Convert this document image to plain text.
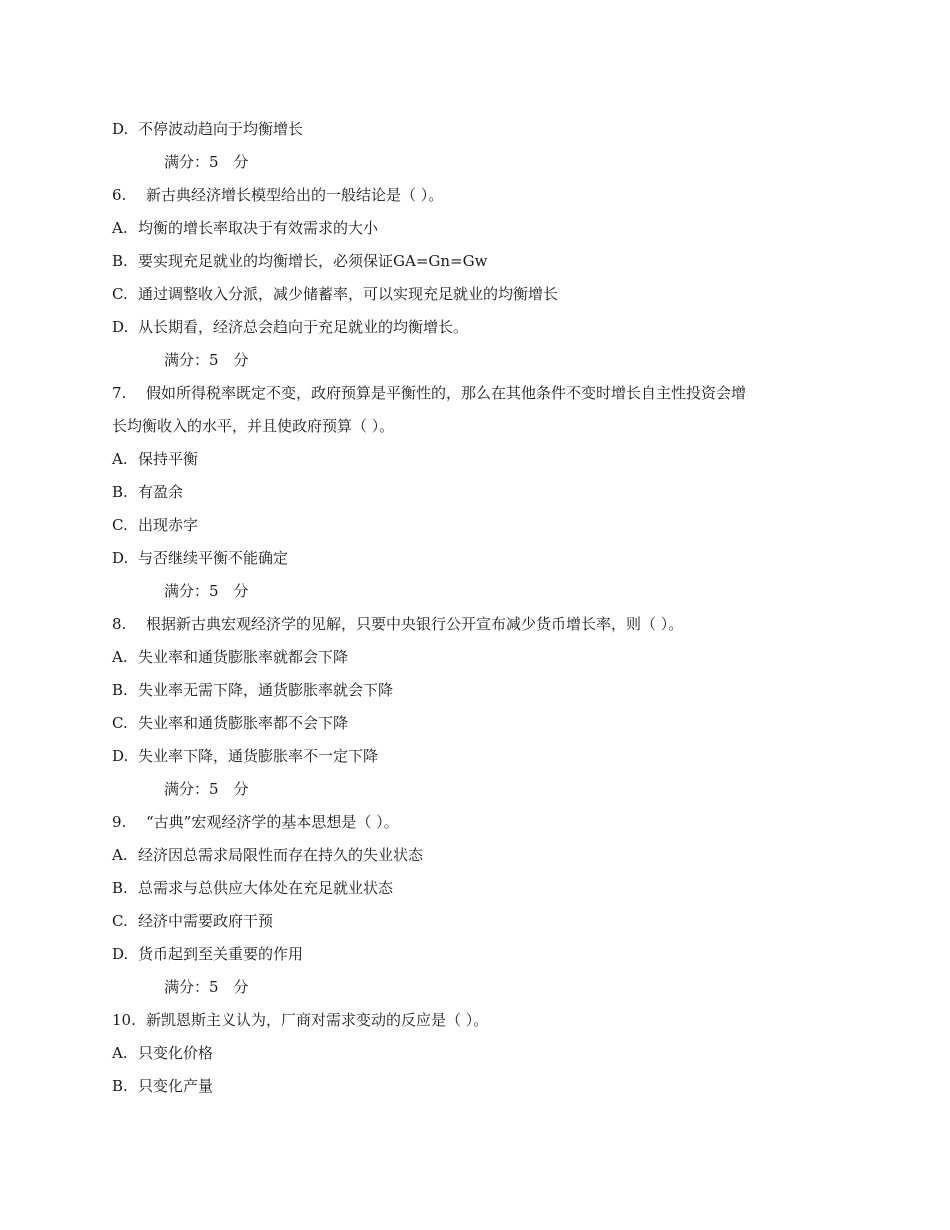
D. 不停波动趋向于均衡增长
满分：5　分
6. 新古典经济增长模型给出的一般结论是（ ）。
A. 均衡的增长率取决于有效需求的大小
B. 要实现充足就业的均衡增长，必须保证GA=Gn=Gw
C. 通过调整收入分派，减少储蓄率，可以实现充足就业的均衡增长
D. 从长期看，经济总会趋向于充足就业的均衡增长。
满分：5　分
7. 假如所得税率既定不变，政府预算是平衡性的，那么在其他条件不变时增长自主性投资会增
长均衡收入的水平，并且使政府预算（ ）。
A. 保持平衡
B. 有盈余
C. 出现赤字
D. 与否继续平衡不能确定
满分：5　分
8. 根据新古典宏观经济学的见解，只要中央银行公开宣布减少货币增长率，则（ ）。
A. 失业率和通货膨胀率就都会下降
B. 失业率无需下降，通货膨胀率就会下降
C. 失业率和通货膨胀率都不会下降
D. 失业率下降，通货膨胀率不一定下降
满分：5　分
9. “古典”宏观经济学的基本思想是（ ）。
A. 经济因总需求局限性而存在持久的失业状态
B. 总需求与总供应大体处在充足就业状态
C. 经济中需要政府干预
D. 货币起到至关重要的作用
满分：5　分
10. 新凯恩斯主义认为，厂商对需求变动的反应是（ ）。
A. 只变化价格
B. 只变化产量
